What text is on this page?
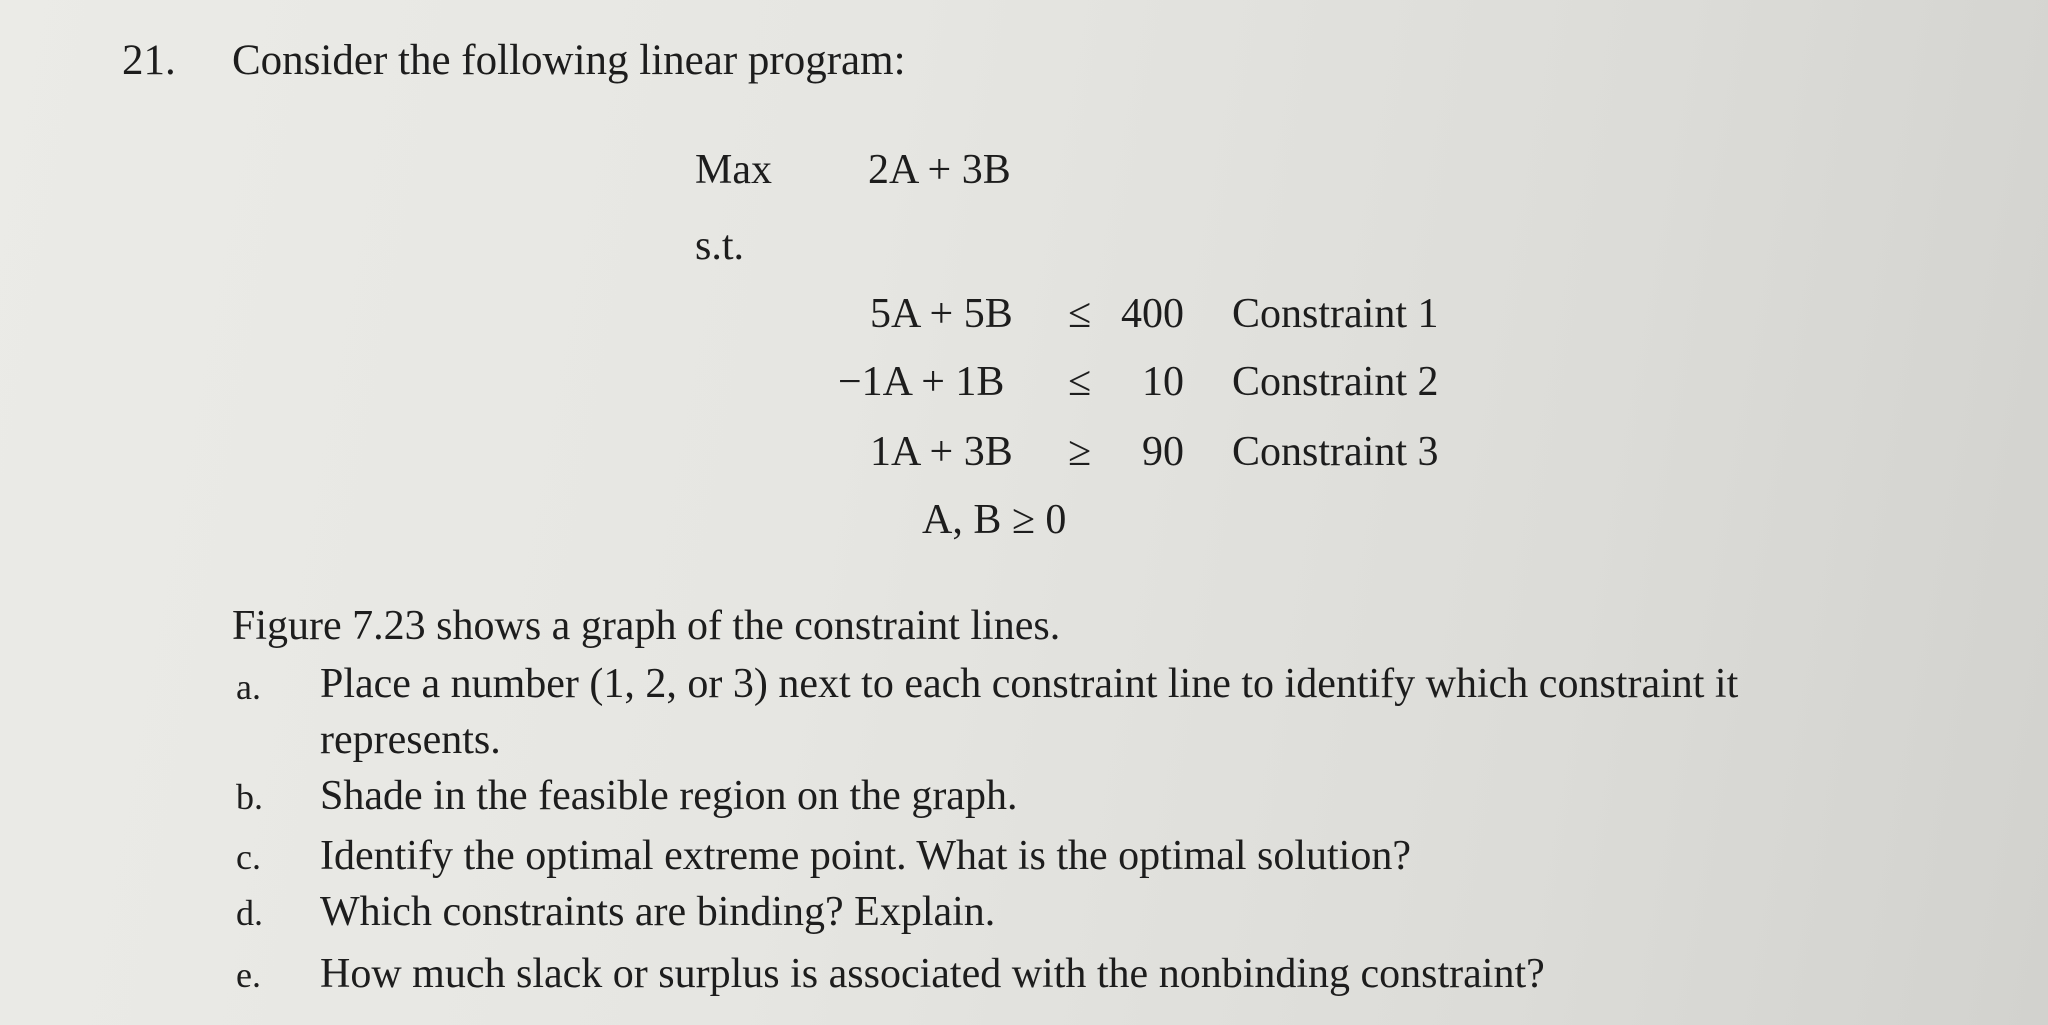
21. Consider the following linear program:
Max 2A + 3B
s.t.
5A + 5B ≤ 400 Constraint 1
−1A + 1B ≤	10 Constraint 2
1A + 3B ≥	90 Constraint 3
A, B ≥ 0
Figure 7.23 shows a graph of the constraint lines.
a. Place a number (1, 2, or 3) next to each constraint line to identify which constraint it
represents.
b. Shade in the feasible region on the graph.
c. Identify the optimal extreme point. What is the optimal solution?
d. Which constraints are binding? Explain.
e. How much slack or surplus is associated with the nonbinding constraint?
